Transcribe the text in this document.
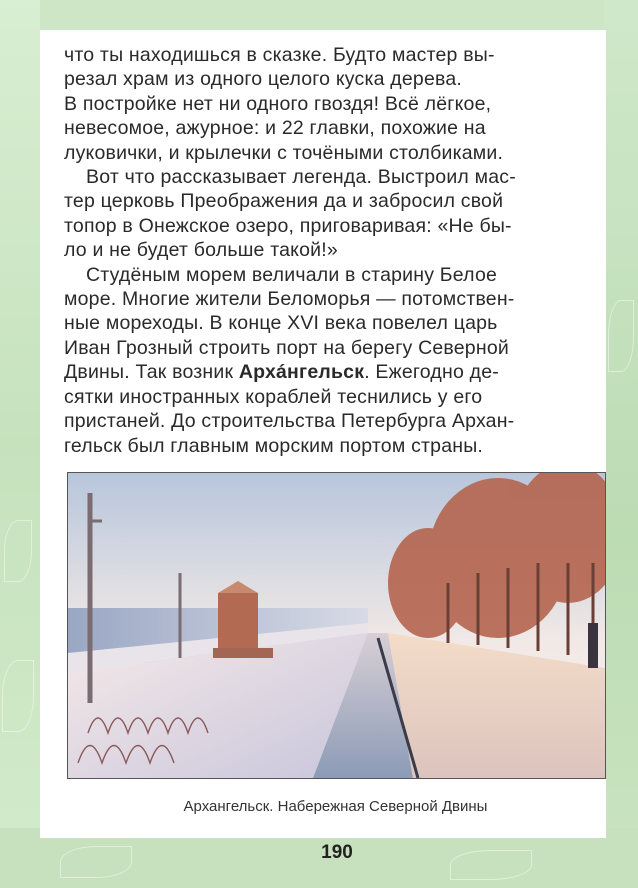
что ты находишься в сказке. Будто мастер вы-
резал храм из одного целого куска дерева.
В постройке нет ни одного гвоздя! Всё лёгкое,
невесомое, ажурное: и 22 главки, похожие на
луковички, и крылечки с точёными столбиками.

Вот что рассказывает легенда. Выстроил мас-
тер церковь Преображения да и забросил свой
топор в Онежское озеро, приговаривая: «Не бы-
ло и не будет больше такой!»

Студёным морем величали в старину Белое
море. Многие жители Беломорья — потомствен-
ные мореходы. В конце XVI века повелел царь
Иван Грозный строить порт на берегу Северной
Двины. Так возник Архáнгельск. Ежегодно де-
сятки иностранных кораблей теснились у его
пристаней. До строительства Петербурга Архан-
гельск был главным морским портом страны.

Архангельск. Набережная Северной Двины
190
